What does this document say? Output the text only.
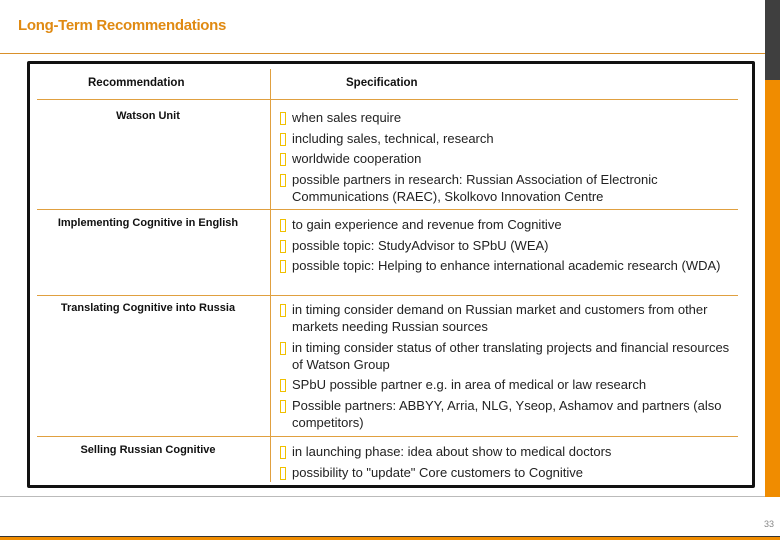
Long-Term Recommendations
Recommendation	Specification
Watson Unit	when sales require
including sales, technical, research
worldwide cooperation
possible partners in research: Russian Association of Electronic Communications (RAEC), Skolkovo Innovation Centre
Implementing Cognitive in English	to gain experience and revenue from Cognitive
possible topic: StudyAdvisor to SPbU (WEA)
possible topic: Helping to enhance international academic research (WDA)
Translating Cognitive into Russia	in timing consider demand on Russian market and customers from other markets needing Russian sources
in timing consider status of other translating projects and financial resources of Watson Group
SPbU possible partner e.g. in area of medical or law research
Possible partners: ABBYY, Arria, NLG, Yseop, Ashamov and partners (also competitors)
Selling Russian Cognitive	in launching phase: idea about show to medical doctors
possibility to "update" Core customers to Cognitive
33
